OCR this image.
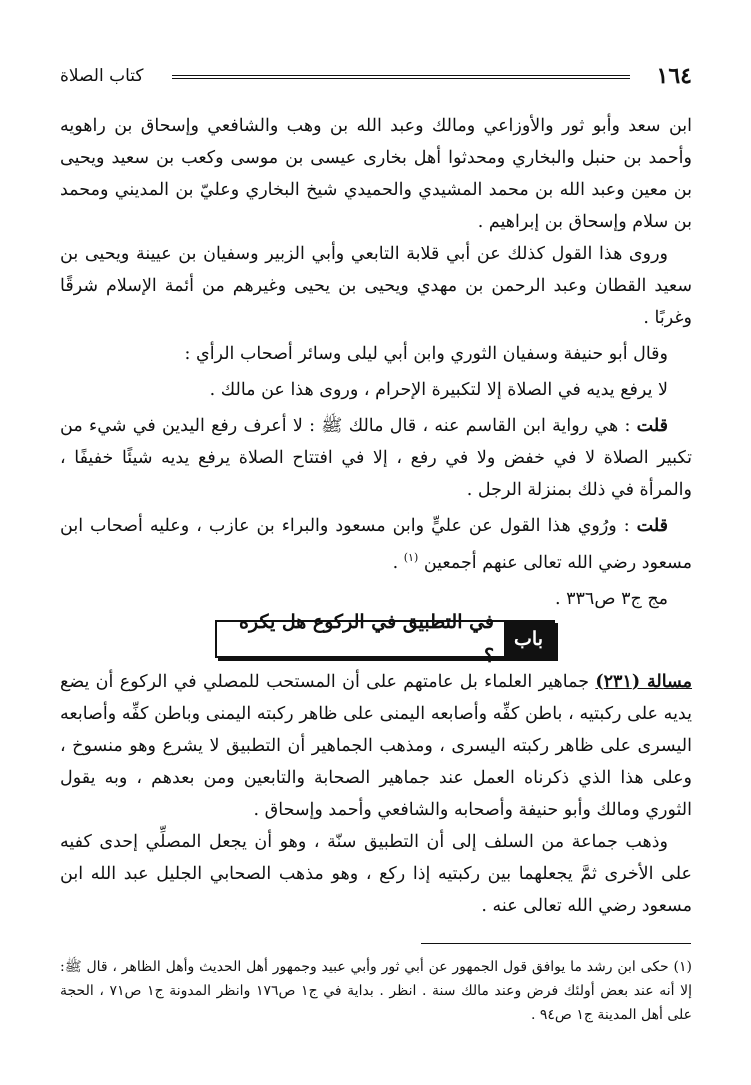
١٦٤
كتاب الصلاة

ابن سعد وأبو ثور والأوزاعي ومالك وعبد الله بن وهب والشافعي وإسحاق بن راهويه وأحمد بن حنبل والبخاري ومحدثوا أهل بخارى عيسى بن موسى وكعب بن سعيد ويحيى بن معين وعبد الله بن محمد المشيدي والحميدي شيخ البخاري وعليّ بن المديني ومحمد بن سلام وإسحاق بن إبراهيم .

وروى هذا القول كذلك عن أبي قلابة التابعي وأبي الزبير وسفيان بن عيينة ويحيى بن سعيد القطان وعبد الرحمن بن مهدي ويحيى بن يحيى وغيرهم من أئمة الإسلام شرقًا وغربًا .

وقال أبو حنيفة وسفيان الثوري وابن أبي ليلى وسائر أصحاب الرأي :

لا يرفع يديه في الصلاة إلا لتكبيرة الإحرام ، وروى هذا عن مالك .

قلت : هي رواية ابن القاسم عنه ، قال مالك ﷺ : لا أعرف رفع اليدين في شيء من تكبير الصلاة لا في خفض ولا في رفع ، إلا في افتتاح الصلاة يرفع يديه شيئًا خفيفًا ، والمرأة في ذلك بمنزلة الرجل .

قلت : ورُوي هذا القول عن عليٍّ وابن مسعود والبراء بن عازب ، وعليه أصحاب ابن مسعود رضي الله تعالى عنهم أجمعين $^{(١)}$ .

مج ج٣ ص٣٣٦ .

باب
في التطبيق في الركوع هل يكره ؟

مسالة (٢٣١) جماهير العلماء بل عامتهم على أن المستحب للمصلي في الركوع أن يضع يديه على ركبتيه ، باطن كفِّه وأصابعه اليمنى على ظاهر ركبته اليمنى وباطن كفِّه وأصابعه اليسرى على ظاهر ركبته اليسرى ، ومذهب الجماهير أن التطبيق لا يشرع وهو منسوخ ، وعلى هذا الذي ذكرناه العمل عند جماهير الصحابة والتابعين ومن بعدهم ، وبه يقول الثوري ومالك وأبو حنيفة وأصحابه والشافعي وأحمد وإسحاق .

وذهب جماعة من السلف إلى أن التطبيق سنّة ، وهو أن يجعل المصلِّي إحدى كفيه على الأخرى ثمَّ يجعلهما بين ركبتيه إذا ركع ، وهو مذهب الصحابي الجليل عبد الله ابن مسعود رضي الله تعالى عنه .

(١) حكى ابن رشد ما يوافق قول الجمهور عن أبي ثور وأبي عبيد وجمهور أهل الحديث وأهل الظاهر ، قال ﷺ: إلا أنه عند بعض أولئك فرض وعند مالك سنة . انظر . بداية في ج١ ص١٧٦ وانظر المدونة ج١ ص٧١ ، الحجة على أهل المدينة ج١ ص٩٤ .
